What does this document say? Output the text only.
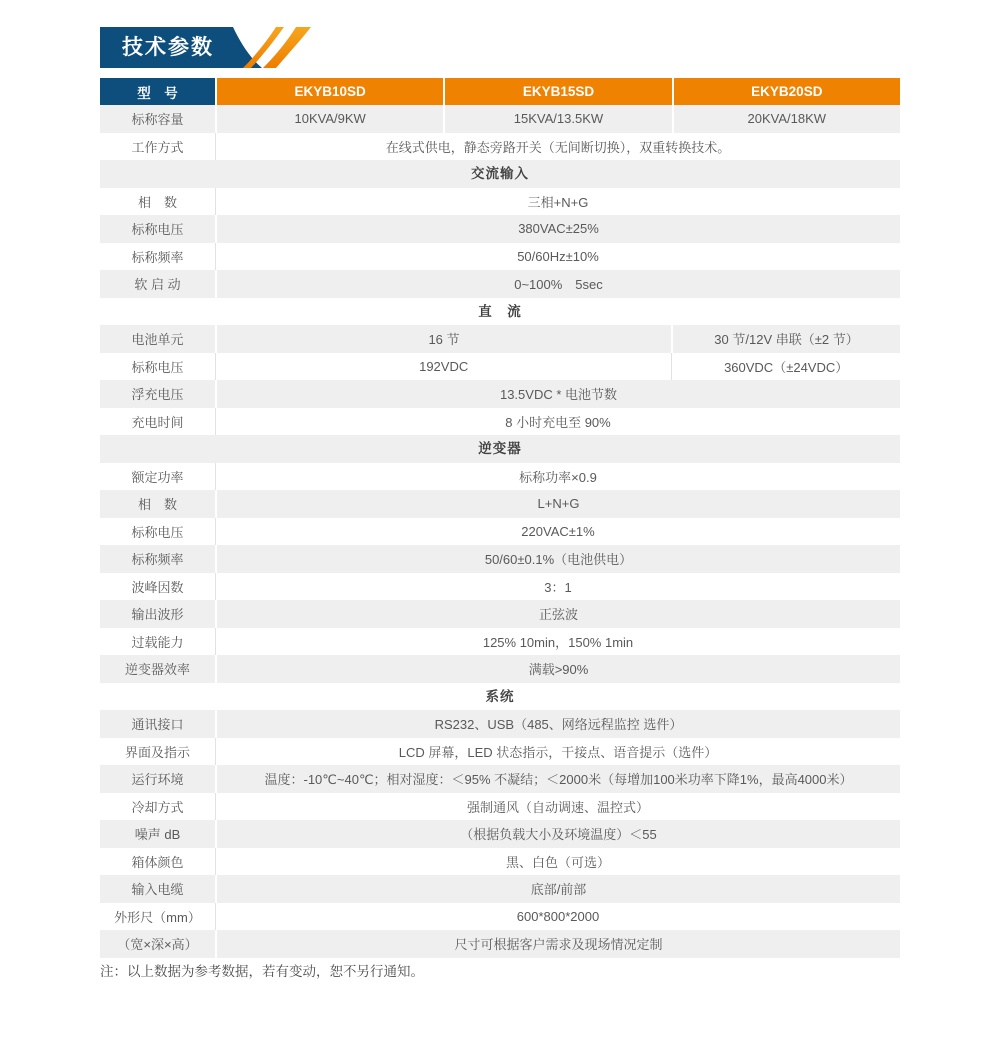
技术参数
型　号	EKYB10SD	EKYB15SD	EKYB20SD
标称容量	10KVA/9KW	15KVA/13.5KW	20KVA/18KW
工作方式	在线式供电，静态旁路开关（无间断切换），双重转换技术。
交流输入
相　数	三相+N+G
标称电压	380VAC±25%
标称频率	50/60Hz±10%
软 启 动	0~100%　5sec
直　流
电池单元	16 节	30 节/12V 串联（±2 节）
标称电压	192VDC	360VDC（±24VDC）
浮充电压	13.5VDC * 电池节数
充电时间	8 小时充电至 90%
逆变器
额定功率	标称功率×0.9
相　数	L+N+G
标称电压	220VAC±1%
标称频率	50/60±0.1%（电池供电）
波峰因数	3：1
输出波形	正弦波
过载能力	125% 10min，150% 1min
逆变器效率	满载>90%
系统
通讯接口	RS232、USB（485、网络远程监控 选件）
界面及指示	LCD 屏幕，LED 状态指示，干接点、语音提示（选件）
运行环境	温度：-10℃~40℃；相对湿度：＜95% 不凝结；＜2000米（每增加100米功率下降1%，最高4000米）
冷却方式	强制通风（自动调速、温控式）
噪声 dB	（根据负载大小及环境温度）＜55
箱体颜色	黒、白色（可选）
输入电缆	底部/前部
外形尺（mm）	600*800*2000
（宽×深×高）	尺寸可根据客户需求及现场情况定制
注：以上数据为参考数据，若有变动，恕不另行通知。
